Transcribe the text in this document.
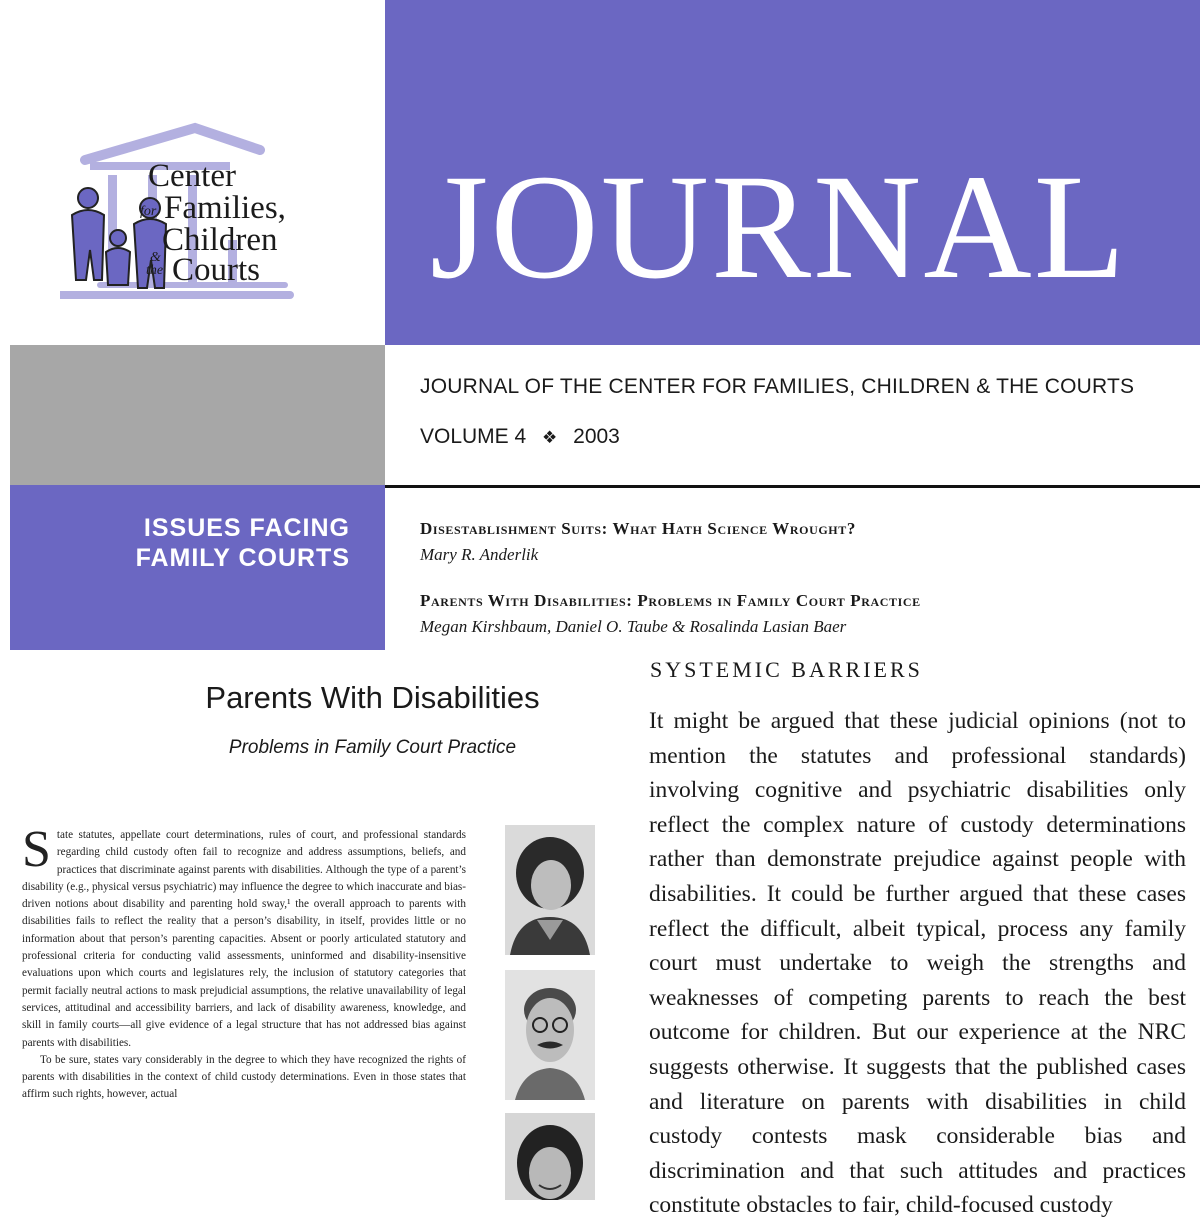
Center
for Families,
Children
&
the Courts JOURNAL
JOURNAL OF THE CENTER FOR FAMILIES, CHILDREN & THE COURTS
VOLUME 4 ❖ 2003
ISSUES FACING
FAMILY COURTS
Disestablishment Suits: What Hath Science Wrought?
Mary R. Anderlik
Parents With Disabilities: Problems in Family Court Practice
Megan Kirshbaum, Daniel O. Taube & Rosalinda Lasian Baer
Parents With Disabilities
Problems in Family Court Practice

State statutes, appellate court determinations, rules of court, and professional standards regarding child custody often fail to recognize and address assumptions, beliefs, and practices that discriminate against parents with disabilities. Although the type of a parent’s disability (e.g., physical versus psychiatric) may influence the degree to which inaccurate and bias-driven notions about disability and parenting hold sway,¹ the overall approach to parents with disabilities fails to reflect the reality that a person’s disability, in itself, provides little or no information about that person’s parenting capacities. Absent or poorly articulated statutory and professional criteria for conducting valid assessments, uninformed and disability-insensitive evaluations upon which courts and legislatures rely, the inclusion of statutory categories that permit facially neutral actions to mask prejudicial assumptions, the relative unavailability of legal services, attitudinal and accessibility barriers, and lack of disability awareness, knowledge, and skill in family courts—all give evidence of a legal structure that has not addressed bias against parents with disabilities.

To be sure, states vary considerably in the degree to which they have recognized the rights of parents with disabilities in the context of child custody determinations. Even in those states that affirm such rights, however, actual

SYSTEMIC BARRIERS
It might be argued that these judicial opinions (not to mention the statutes and professional standards) involving cognitive and psychiatric disabilities only reflect the complex nature of custody determinations rather than demonstrate prejudice against people with disabilities. It could be further argued that these cases reflect the difficult, albeit typical, process any family court must undertake to weigh the strengths and weaknesses of competing parents to reach the best outcome for children. But our experience at the NRC suggests otherwise. It suggests that the published cases and literature on parents with disabilities in child custody contests mask considerable bias and discrimination and that such attitudes and practices constitute obstacles to fair, child-focused custody
